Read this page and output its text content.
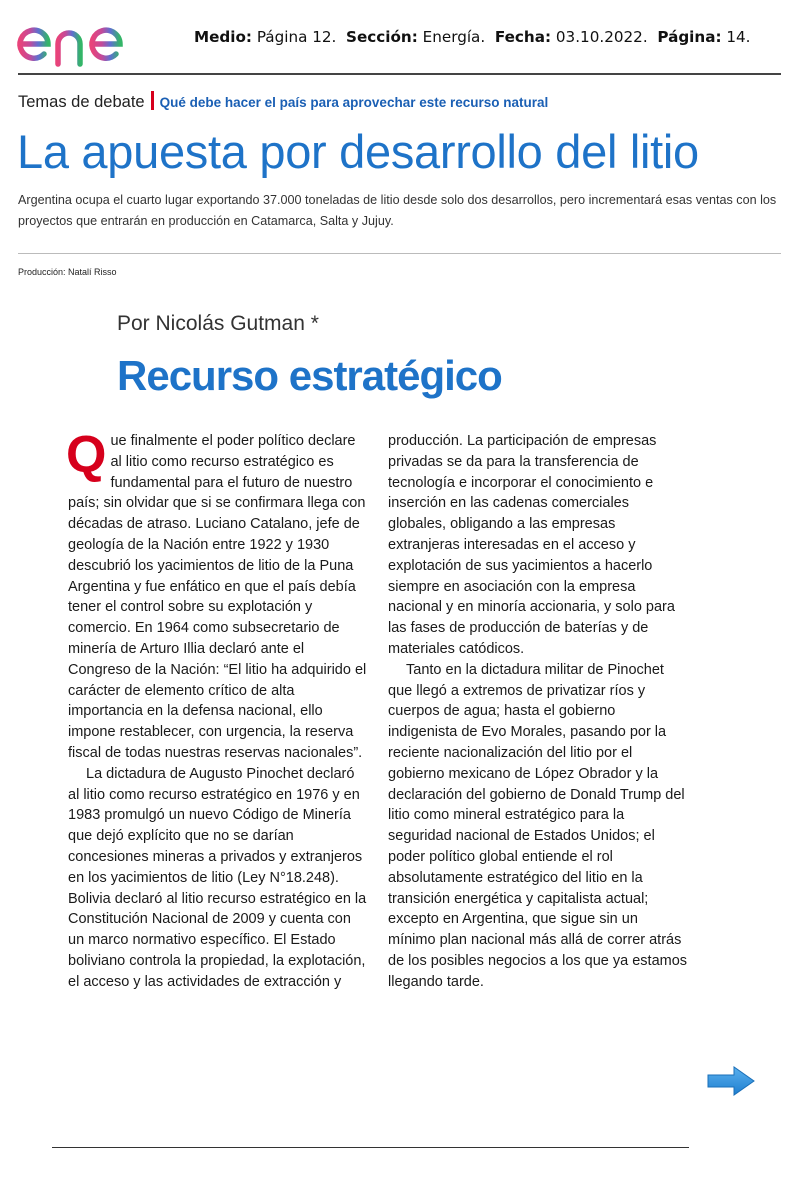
Medio: Página 12. Sección: Energía. Fecha: 03.10.2022. Página: 14.
Temas de debate Qué debe hacer el país para aprovechar este recurso natural
La apuesta por desarrollo del litio
Argentina ocupa el cuarto lugar exportando 37.000 toneladas de litio desde solo dos desarrollos, pero incrementará esas ventas con los proyectos que entrarán en producción en Catamarca, Salta y Jujuy.
Producción: Natalí Risso
Por Nicolás Gutman *
Recurso estratégico

Que finalmente el poder político declare al litio como recurso estratégico es fundamental para el futuro de nuestro país; sin olvidar que si se confirmara llega con décadas de atraso. Luciano Catalano, jefe de geología de la Nación entre 1922 y 1930 descubrió los yacimientos de litio de la Puna Argentina y fue enfático en que el país debía tener el control sobre su explotación y comercio. En 1964 como subsecretario de minería de Arturo Illia declaró ante el Congreso de la Nación: “El litio ha adquirido el carácter de elemento crítico de alta importancia en la defensa nacional, ello impone restablecer, con urgencia, la reserva fiscal de todas nuestras reservas nacionales”.

La dictadura de Augusto Pinochet declaró al litio como recurso estratégico en 1976 y en 1983 promulgó un nuevo Código de Minería que dejó explícito que no se darían concesiones mineras a privados y extranjeros en los yacimientos de litio (Ley N°18.248). Bolivia declaró al litio recurso estratégico en la Constitución Nacional de 2009 y cuenta con un marco normativo específico. El Estado boliviano controla la propiedad, la explotación, el acceso y las actividades de extracción y

producción. La participación de empresas privadas se da para la transferencia de tecnología e incorporar el conocimiento e inserción en las cadenas comerciales globales, obligando a las empresas extranjeras interesadas en el acceso y explotación de sus yacimientos a hacerlo siempre en asociación con la empresa nacional y en minoría accionaria, y solo para las fases de producción de baterías y de materiales catódicos.

Tanto en la dictadura militar de Pinochet que llegó a extremos de privatizar ríos y cuerpos de agua; hasta el gobierno indigenista de Evo Morales, pasando por la reciente nacionalización del litio por el gobierno mexicano de López Obrador y la declaración del gobierno de Donald Trump del litio como mineral estratégico para la seguridad nacional de Estados Unidos; el poder político global entiende el rol absolutamente estratégico del litio en la transición energética y capitalista actual; excepto en Argentina, que sigue sin un mínimo plan nacional más allá de correr atrás de los posibles negocios a los que ya estamos llegando tarde.
